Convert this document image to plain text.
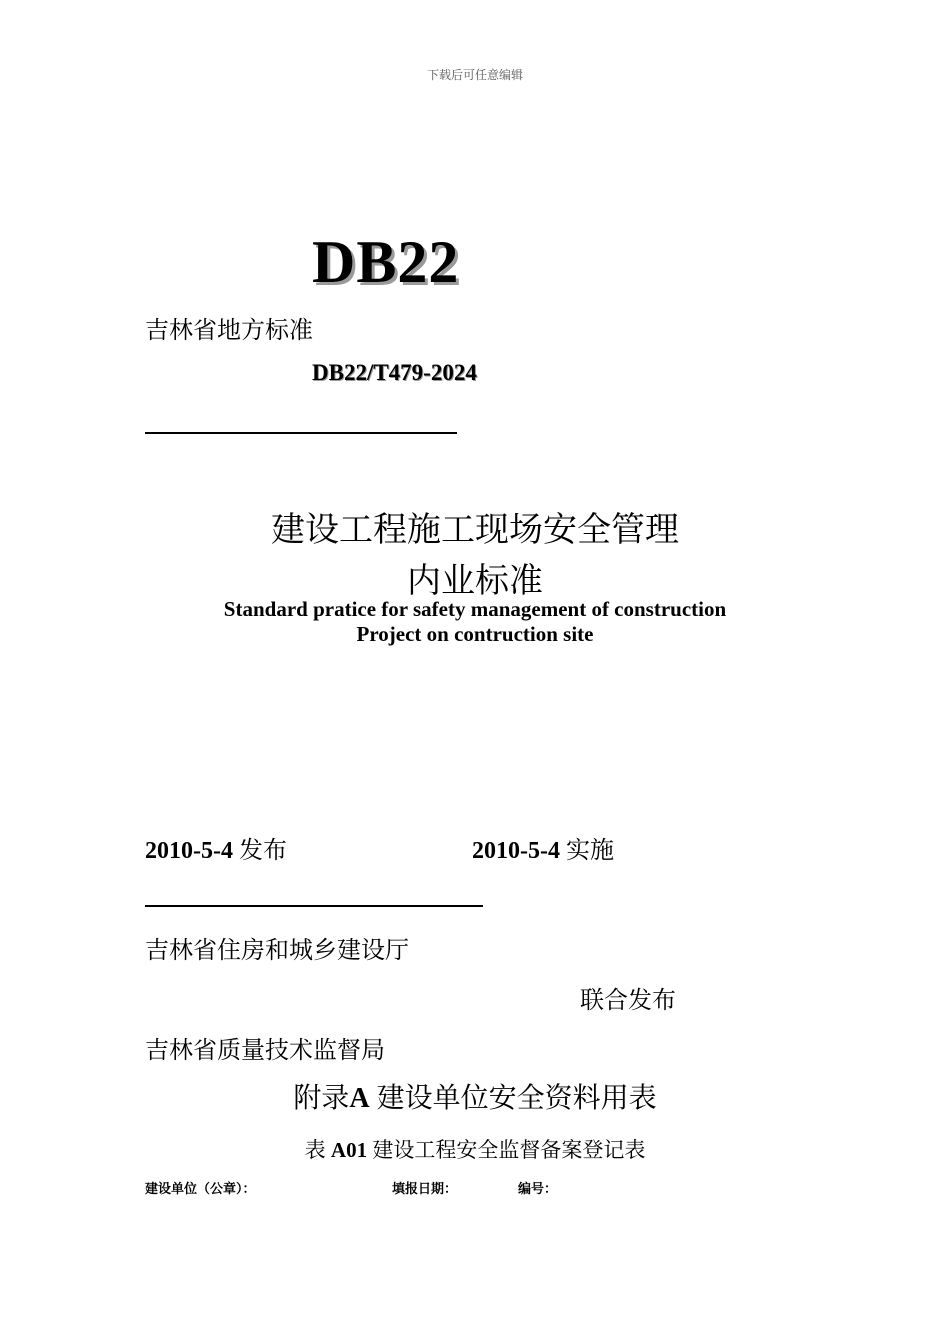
下载后可任意编辑
DB22
吉林省地方标准
DB22/T479-2024
建设工程施工现场安全管理
内业标准
Standard pratice for safety management of construction
Project on contruction site
2010-5-4 发布	2010-5-4 实施
吉林省住房和城乡建设厅
联合发布
吉林省质量技术监督局
附录A 建设单位安全资料用表
表 A01 建设工程安全监督备案登记表
建设单位（公章）：	填报日期：	编号：
